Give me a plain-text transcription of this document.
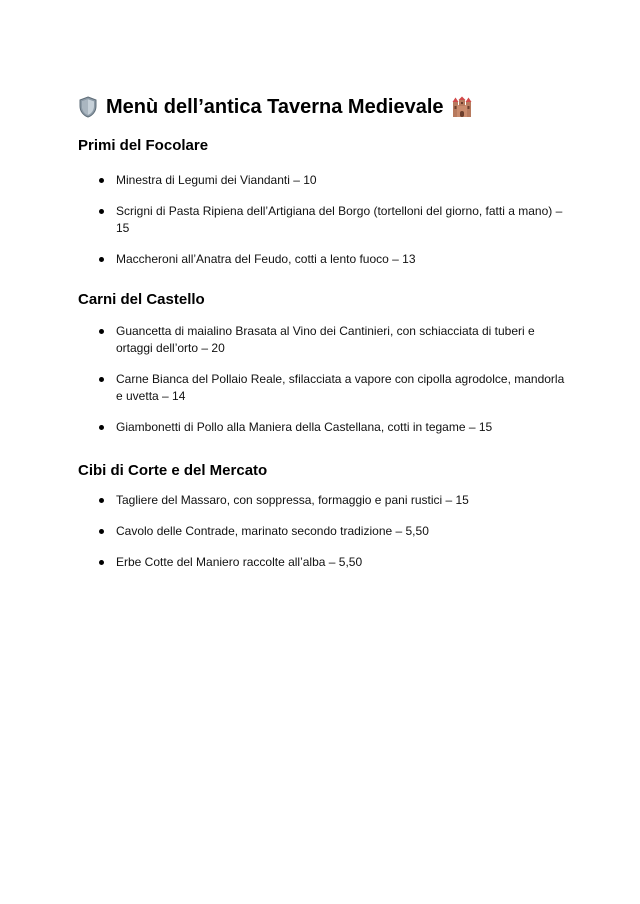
Menù dell’antica Taverna Medievale
Primi del Focolare
Minestra di Legumi dei Viandanti – 10
Scrigni di Pasta Ripiena dell’Artigiana del Borgo (tortelloni del giorno, fatti a mano) – 15
Maccheroni all’Anatra del Feudo, cotti a lento fuoco – 13
Carni del Castello
Guancetta di maialino Brasata al Vino dei Cantinieri, con schiacciata di tuberi e ortaggi dell’orto – 20
Carne Bianca del Pollaio Reale, sfilacciata a vapore con cipolla agrodolce, mandorla e uvetta – 14
Giambonetti di Pollo alla Maniera della Castellana, cotti in tegame – 15
Cibi di Corte e del Mercato
Tagliere del Massaro, con soppressa, formaggio e pani rustici – 15
Cavolo delle Contrade, marinato secondo tradizione – 5,50
Erbe Cotte del Maniero raccolte all’alba – 5,50
